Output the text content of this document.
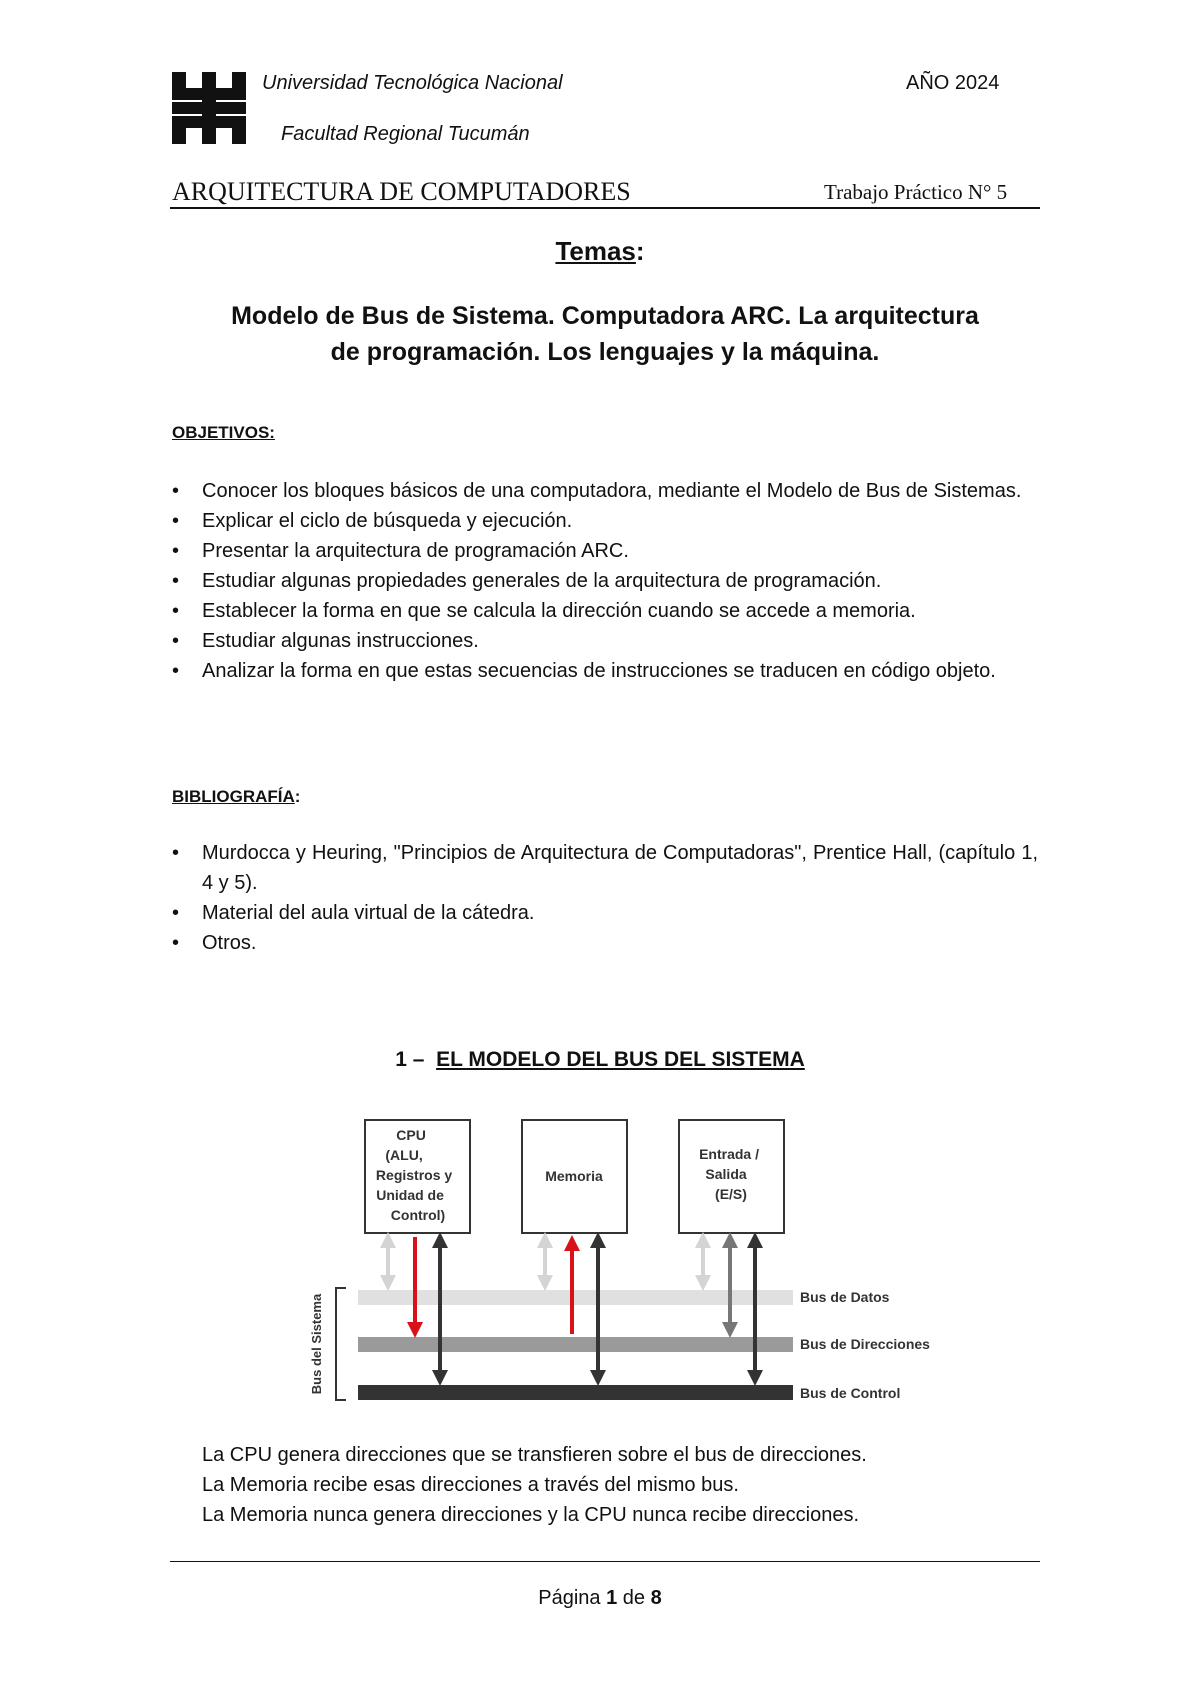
Universidad Tecnológica Nacional
Facultad Regional Tucumán
AÑO 2024
ARQUITECTURA DE COMPUTADORES	Trabajo Práctico N° 5
Temas:
Modelo de Bus de Sistema. Computadora ARC. La arquitectura
de programación. Los lenguajes y la máquina.
OBJETIVOS:
• Conocer los bloques básicos de una computadora, mediante el Modelo de Bus de Sistemas.
• Explicar el ciclo de búsqueda y ejecución.
• Presentar la arquitectura de programación ARC.
• Estudiar algunas propiedades generales de la arquitectura de programación.
• Establecer la forma en que se calcula la dirección cuando se accede a memoria.
• Estudiar algunas instrucciones.
• Analizar la forma en que estas secuencias de instrucciones se traducen en código objeto.
BIBLIOGRAFÍA:
• Murdocca y Heuring, "Principios de Arquitectura de Computadoras", Prentice Hall, (capítulo 1, 4 y 5).
• Material del aula virtual de la cátedra.
• Otros.
1 – EL MODELO DEL BUS DEL SISTEMA
Bus de Datos
Bus de Direcciones
Bus de Control
Bus del Sistema
CPU (ALU, Registros y Unidad de Control)
Memoria
Entrada / Salida (E/S)
La CPU genera direcciones que se transfieren sobre el bus de direcciones.
La Memoria recibe esas direcciones a través del mismo bus.
La Memoria nunca genera direcciones y la CPU nunca recibe direcciones.
Página 1 de 8
